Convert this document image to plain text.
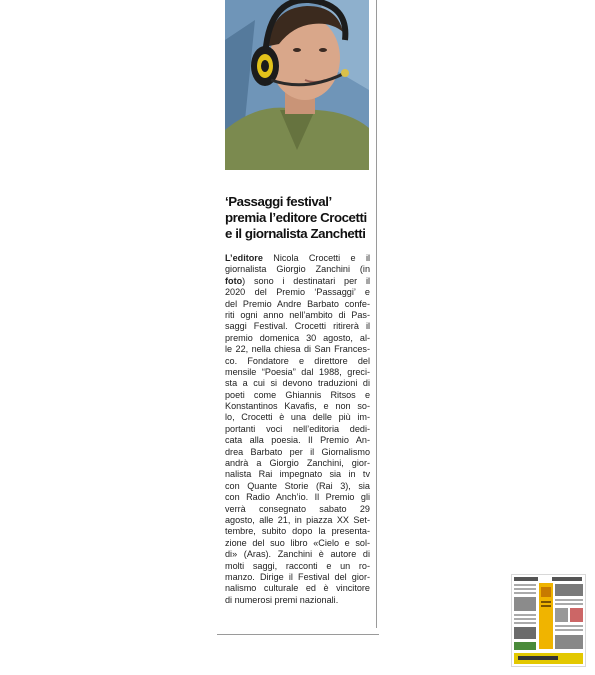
‘Passaggi festival’
premia l’editore Crocetti
e il giornalista Zanchetti
L’editore Nicola Crocetti e il
giornalista Giorgio Zanchini (in
foto) sono i destinatari per il
2020 del Premio ‘Passaggi’ e
del Premio Andre Barbato confe-
riti ogni anno nell’ambito di Pas-
saggi Festival. Crocetti ritirerà il
premio domenica 30 agosto, al-
le 22, nella chiesa di San Frances-
co. Fondatore e direttore del
mensile “Poesia” dal 1988, greci-
sta a cui si devono traduzioni di
poeti come Ghiannis Ritsos e
Konstantinos Kavafis, e non so-
lo, Crocetti è una delle più im-
portanti voci nell’editoria dedi-
cata alla poesia. Il Premio An-
drea Barbato per il Giornalismo
andrà a Giorgio Zanchini, gior-
nalista Rai impegnato sia in tv
con Quante Storie (Rai 3), sia
con Radio Anch’io. Il Premio gli
verrà consegnato sabato 29
agosto, alle 21, in piazza XX Set-
tembre, subito dopo la presenta-
zione del suo libro «Cielo e sol-
di» (Aras). Zanchini è autore di
molti saggi, racconti e un ro-
manzo. Dirige il Festival del gior-
nalismo culturale ed è vincitore
di numerosi premi nazionali.
